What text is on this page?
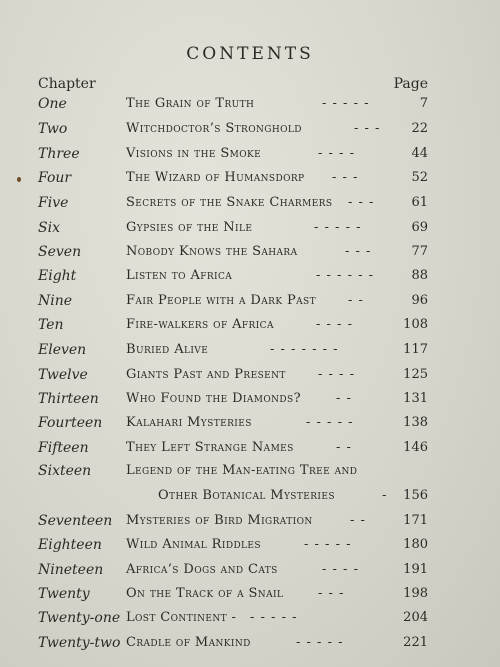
CONTENTS
Chapter	Page
One	The Grain of Truth	- - - - -	7
Two	Witchdoctor’s Stronghold	- - - 22
Three	Visions in the Smoke	- - - -	44
Four	The Wizard of Humansdorp - - -	52
Five	Secrets of the Snake Charmers - - -	61
Six	Gypsies of the Nile	- - - - -	69
Seven	Nobody Knows the Sahara	- - -	77
Eight	Listen to Africa	- - - - - -	88
Nine	Fair People with a Dark Past - -	96
Ten	Fire-walkers of Africa	- - - -	108
Eleven	Buried Alive	- - - - - - -	117
Twelve	Giants Past and Present - - - -	125
Thirteen Who Found the Diamonds?	- -	131
Fourteen Kalahari Mysteries	- - - - -	138
Fifteen	They Left Strange Names	- -	146
Sixteen	Legend of the Man-eating Tree and
Other Botanical Mysteries	- 156
Seventeen Mysteries of Bird Migration	- -	171
Eighteen Wild Animal Riddles	- - - - -	180
Nineteen Africa’s Dogs and Cats	- - - -	191
Twenty	On the Track of a Snail	- - -	198
Twenty-one Lost Continent - - - - - -	204
Twenty-two Cradle of Mankind	- - - - -	221
